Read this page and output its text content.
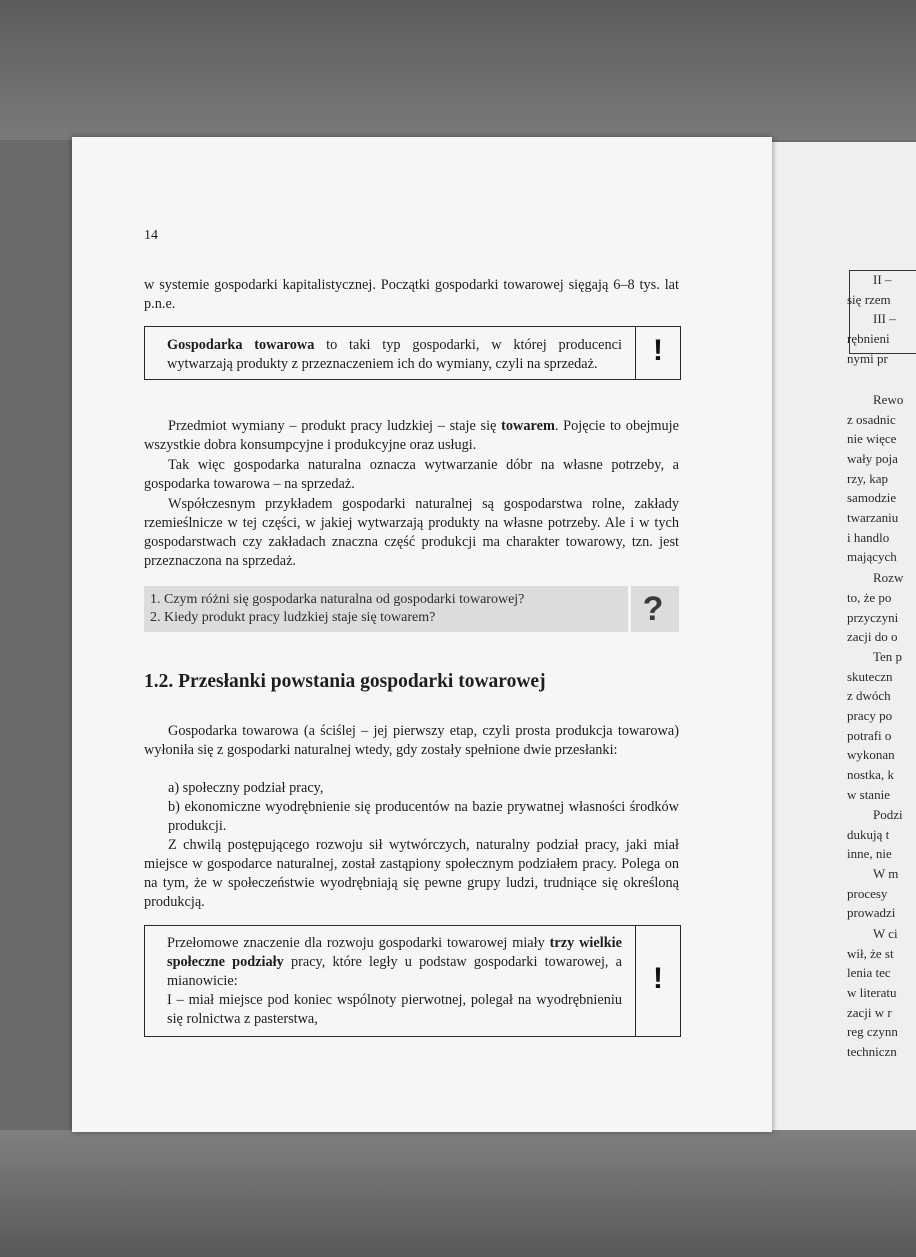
II –
się rzem
III –
rębnieni
nymi pr
Rewo
z osadnic
nie więce
wały poja
rzy, kap
samodzie
twarzaniu
i handlo
mających
Rozw
to, że po
przyczyni
zacji do o
Ten p
skuteczn
z dwóch
pracy po
potrafi o
wykonan
nostka, k
w stanie
Podzi
dukują t
inne, nie
W m
procesy
prowadzi
W ci
wił, że st
lenia tec
w literatu
zacji w r
reg czynn
techniczn
14
w systemie gospodarki kapitalistycznej. Początki gospodarki towarowej sięgają 6–8 tys. lat p.n.e.
Gospodarka towarowa to taki typ gospodarki, w której producenci wytwarzają produkty z przeznaczeniem ich do wymiany, czyli na sprzedaż.	!
Przedmiot wymiany – produkt pracy ludzkiej – staje się towarem. Pojęcie to obejmuje wszystkie dobra konsumpcyjne i produkcyjne oraz usługi.
Tak więc gospodarka naturalna oznacza wytwarzanie dóbr na własne potrzeby, a gospodarka towarowa – na sprzedaż.
Współczesnym przykładem gospodarki naturalnej są gospodarstwa rolne, zakłady rzemieślnicze w tej części, w jakiej wytwarzają produkty na własne potrzeby. Ale i w tych gospodarstwach czy zakładach znaczna część produkcji ma charakter towarowy, tzn. jest przeznaczona na sprzedaż.
1. Czym różni się gospodarka naturalna od gospodarki towarowej?
2. Kiedy produkt pracy ludzkiej staje się towarem?	?
1.2. Przesłanki powstania gospodarki towarowej
Gospodarka towarowa (a ściślej – jej pierwszy etap, czyli prosta produkcja towarowa) wyłoniła się z gospodarki naturalnej wtedy, gdy zostały spełnione dwie przesłanki:
a) społeczny podział pracy,
b) ekonomiczne wyodrębnienie się producentów na bazie prywatnej własności środków produkcji.
Z chwilą postępującego rozwoju sił wytwórczych, naturalny podział pracy, jaki miał miejsce w gospodarce naturalnej, został zastąpiony społecznym podziałem pracy. Polega on na tym, że w społeczeństwie wyodrębniają się pewne grupy ludzi, trudniące się określoną produkcją.
Przełomowe znaczenie dla rozwoju gospodarki towarowej miały trzy wielkie społeczne podziały pracy, które legły u podstaw gospodarki towarowej, a mianowicie:
I – miał miejsce pod koniec wspólnoty pierwotnej, polegał na wyodrębnieniu się rolnictwa z pasterstwa,
!
